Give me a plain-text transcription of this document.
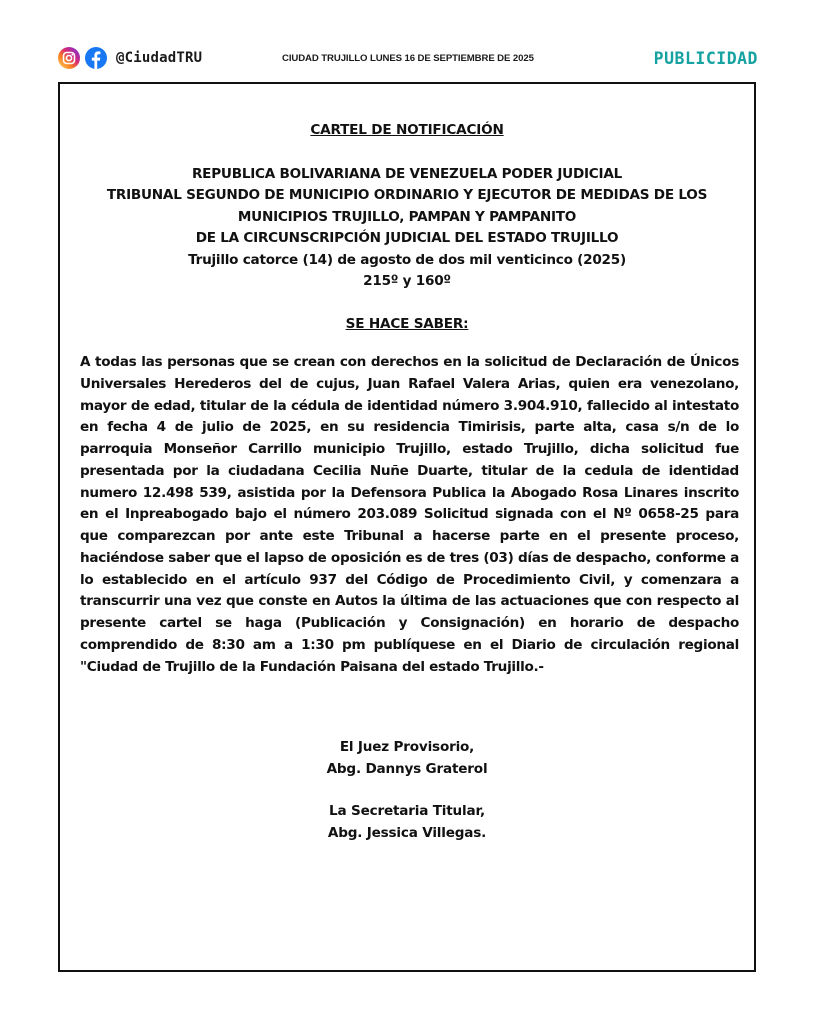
@CiudadTRU	CIUDAD TRUJILLO LUNES 16 DE SEPTIEMBRE DE 2025	PUBLICIDAD
CARTEL DE NOTIFICACIÓN
REPUBLICA BOLIVARIANA DE VENEZUELA PODER JUDICIAL
TRIBUNAL SEGUNDO DE MUNICIPIO ORDINARIO Y EJECUTOR DE MEDIDAS DE LOS
MUNICIPIOS TRUJILLO, PAMPAN Y PAMPANITO
DE LA CIRCUNSCRIPCIÓN JUDICIAL DEL ESTADO TRUJILLO
Trujillo catorce (14) de agosto de dos mil venticinco (2025)
215º y 160º
SE HACE SABER:

A todas las personas que se crean con derechos en la solicitud de Declaración de Únicos Universales Herederos del de cujus, Juan Rafael Valera Arias, quien era venezolano, mayor de edad, titular de la cédula de identidad número 3.904.910, fallecido al intestato en fecha 4 de julio de 2025, en su residencia Timirisis, parte alta, casa s/n de lo parroquia Monseñor Carrillo municipio Trujillo, estado Trujillo, dicha solicitud fue presentada por la ciudadana Cecilia Nuñe Duarte, titular de la cedula de identidad numero 12.498 539, asistida por la Defensora Publica la Abogado Rosa Linares inscrito en el Inpreabogado bajo el número 203.089 Solicitud signada con el Nº 0658-25 para que comparezcan por ante este Tribunal a hacerse parte en el presente proceso, haciéndose saber que el lapso de oposición es de tres (03) días de despacho, conforme a lo establecido en el artículo 937 del Código de Procedimiento Civil, y comenzara a transcurrir una vez que conste en Autos la última de las actuaciones que con respecto al presente cartel se haga (Publicación y Consignación) en horario de despacho comprendido de 8:30 am a 1:30 pm publíquese en el Diario de circulación regional "Ciudad de Trujillo de la Fundación Paisana del estado Trujillo.-

El Juez Provisorio,
Abg. Dannys Graterol
La Secretaria Titular,
Abg. Jessica Villegas.
